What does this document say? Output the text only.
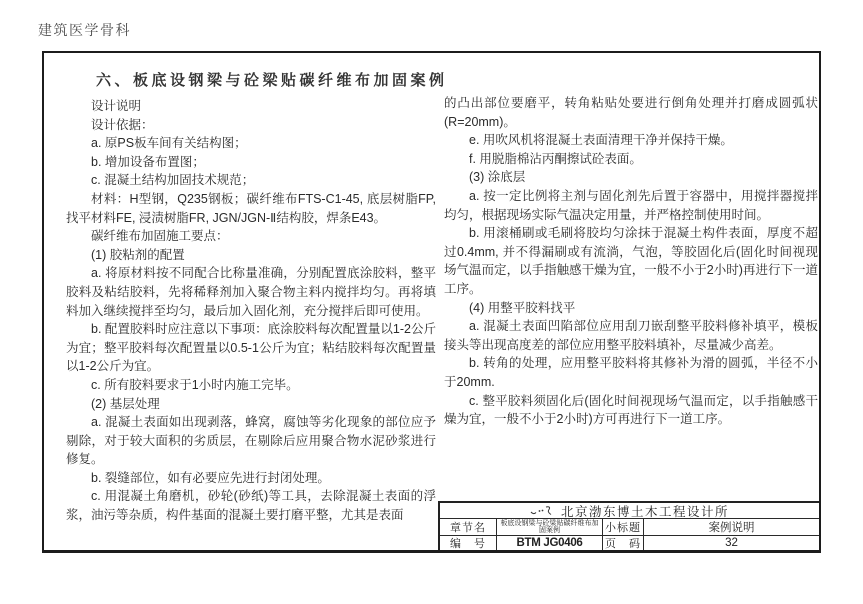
建筑医学骨科
六、板底设钢梁与砼梁贴碳纤维布加固案例

设计说明

设计依据：

a. 原PS板车间有关结构图；

b. 增加设备布置图；

c. 混凝土结构加固技术规范；

材料：H型钢，Q235钢板；碳纤维布FTS-C1-45, 底层树脂FP, 找平材料FE, 浸渍树脂FR, JGN/JGN-Ⅱ结构胶，焊条E43。

碳纤维布加固施工要点：

(1) 胶粘剂的配置

a. 将原材料按不同配合比称量准确，分别配置底涂胶料，整平胶料及粘结胶料，先将稀释剂加入聚合物主料内搅拌均匀。再将填料加入继续搅拌至均匀，最后加入固化剂，充分搅拌后即可使用。

b. 配置胶料时应注意以下事项：底涂胶料每次配置量以1-2公斤为宜；整平胶料每次配置量以0.5-1公斤为宜；粘结胶料每次配置量以1-2公斤为宜。

c. 所有胶料要求于1小时内施工完毕。

(2) 基层处理

a. 混凝土表面如出现剥落，蜂窝，腐蚀等劣化现象的部位应予剔除，对于较大面积的劣质层，在剔除后应用聚合物水泥砂浆进行修复。

b. 裂缝部位，如有必要应先进行封闭处理。

c. 用混凝土角磨机，砂轮(砂纸)等工具，去除混凝土表面的浮浆，油污等杂质，构件基面的混凝土要打磨平整，尤其是表面

的凸出部位要磨平，转角粘贴处要进行倒角处理并打磨成圆弧状(R=20mm)。

e. 用吹风机将混凝土表面清理干净并保持干燥。

f. 用脱脂棉沾丙酮擦试砼表面。

(3) 涂底层

a. 按一定比例将主剂与固化剂先后置于容器中，用搅拌器搅拌均匀，根据现场实际气温决定用量，并严格控制使用时间。

b. 用滚桶刷或毛刷将胶均匀涂抹于混凝土构件表面，厚度不超过0.4mm, 并不得漏刷或有流淌，气泡，等胶固化后(固化时间视现场气温而定，以手指触感干燥为宜，一般不小于2小时)再进行下一道工序。

(4) 用整平胶料找平

a. 混凝土表面凹陷部位应用刮刀嵌刮整平胶料修补填平，模板接头等出现高度差的部位应用整平胶料填补，尽量减少高差。

b. 转角的处理，应用整平胶料将其修补为滑的圆弧，半径不小于20mm.

c. 整平胶料须固化后(固化时间视现场气温而定，以手指触感干燥为宜，一般不小于2小时)方可再进行下一道工序。

北京渤东博土木工程设计所
章节名	板底设钢梁与砼梁贴碳纤维布加固案例	小标题	案例说明
编　号	BTM JG0406	页　码	32
